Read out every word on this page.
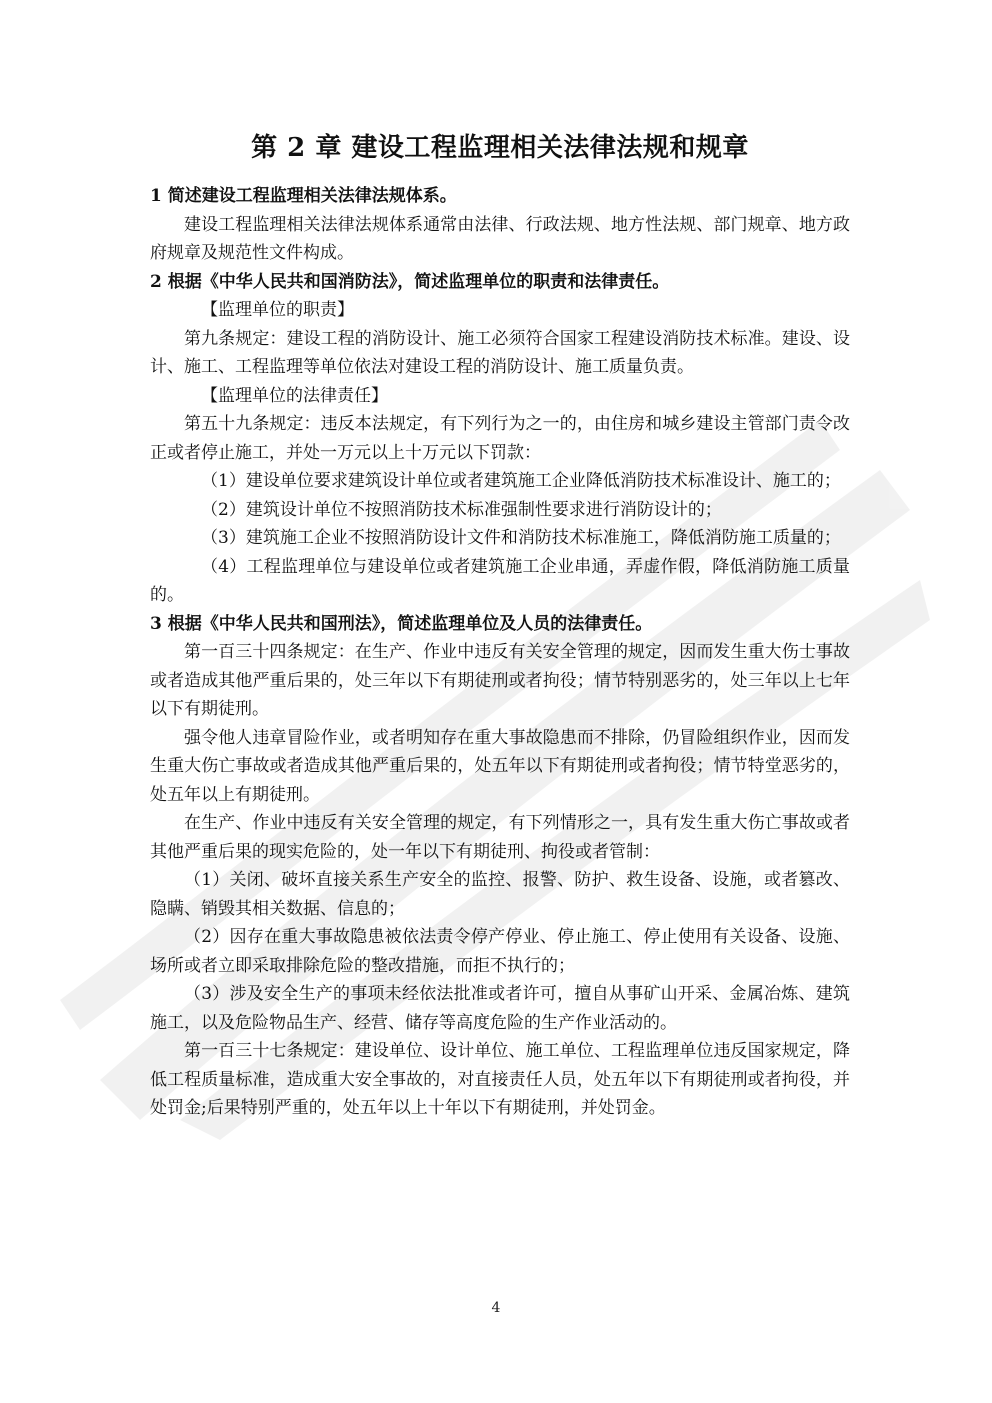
第 2 章 建设工程监理相关法律法规和规章

1 简述建设工程监理相关法律法规体系。

建设工程监理相关法律法规体系通常由法律、行政法规、地方性法规、部门规章、地方政府规章及规范性文件构成。

2 根据《中华人民共和国消防法》，简述监理单位的职责和法律责任。

【监理单位的职责】

第九条规定：建设工程的消防设计、施工必须符合国家工程建设消防技术标准。建设、设计、施工、工程监理等单位依法对建设工程的消防设计、施工质量负责。

【监理单位的法律责任】

第五十九条规定：违反本法规定，有下列行为之一的，由住房和城乡建设主管部门责令改正或者停止施工，并处一万元以上十万元以下罚款：

（1）建设单位要求建筑设计单位或者建筑施工企业降低消防技术标准设计、施工的；

（2）建筑设计单位不按照消防技术标准强制性要求进行消防设计的；

（3）建筑施工企业不按照消防设计文件和消防技术标准施工，降低消防施工质量的；

（4）工程监理单位与建设单位或者建筑施工企业串通，弄虚作假，降低消防施工质量的。

3 根据《中华人民共和国刑法》，简述监理单位及人员的法律责任。

第一百三十四条规定：在生产、作业中违反有关安全管理的规定，因而发生重大伤士事故或者造成其他严重后果的，处三年以下有期徒刑或者拘役；情节特别恶劣的，处三年以上七年以下有期徒刑。

强令他人违章冒险作业，或者明知存在重大事故隐患而不排除，仍冒险组织作业，因而发生重大伤亡事故或者造成其他严重后果的，处五年以下有期徒刑或者拘役；情节特堂恶劣的，处五年以上有期徒刑。

在生产、作业中违反有关安全管理的规定，有下列情形之一，具有发生重大伤亡事故或者其他严重后果的现实危险的，处一年以下有期徒刑、拘役或者管制：

（1）关闭、破坏直接关系生产安全的监控、报警、防护、救生设备、设施，或者篡改、隐瞒、销毁其相关数据、信息的；

（2）因存在重大事故隐患被依法责令停产停业、停止施工、停止使用有关设备、设施、场所或者立即采取排除危险的整改措施，而拒不执行的；

（3）涉及安全生产的事项未经依法批准或者许可，擅自从事矿山开采、金属冶炼、建筑施工，以及危险物品生产、经营、储存等高度危险的生产作业活动的。

第一百三十七条规定：建设单位、设计单位、施工单位、工程监理单位违反国家规定，降低工程质量标准，造成重大安全事故的，对直接责任人员，处五年以下有期徒刑或者拘役，并处罚金;后果特别严重的，处五年以上十年以下有期徒刑，并处罚金。

4
